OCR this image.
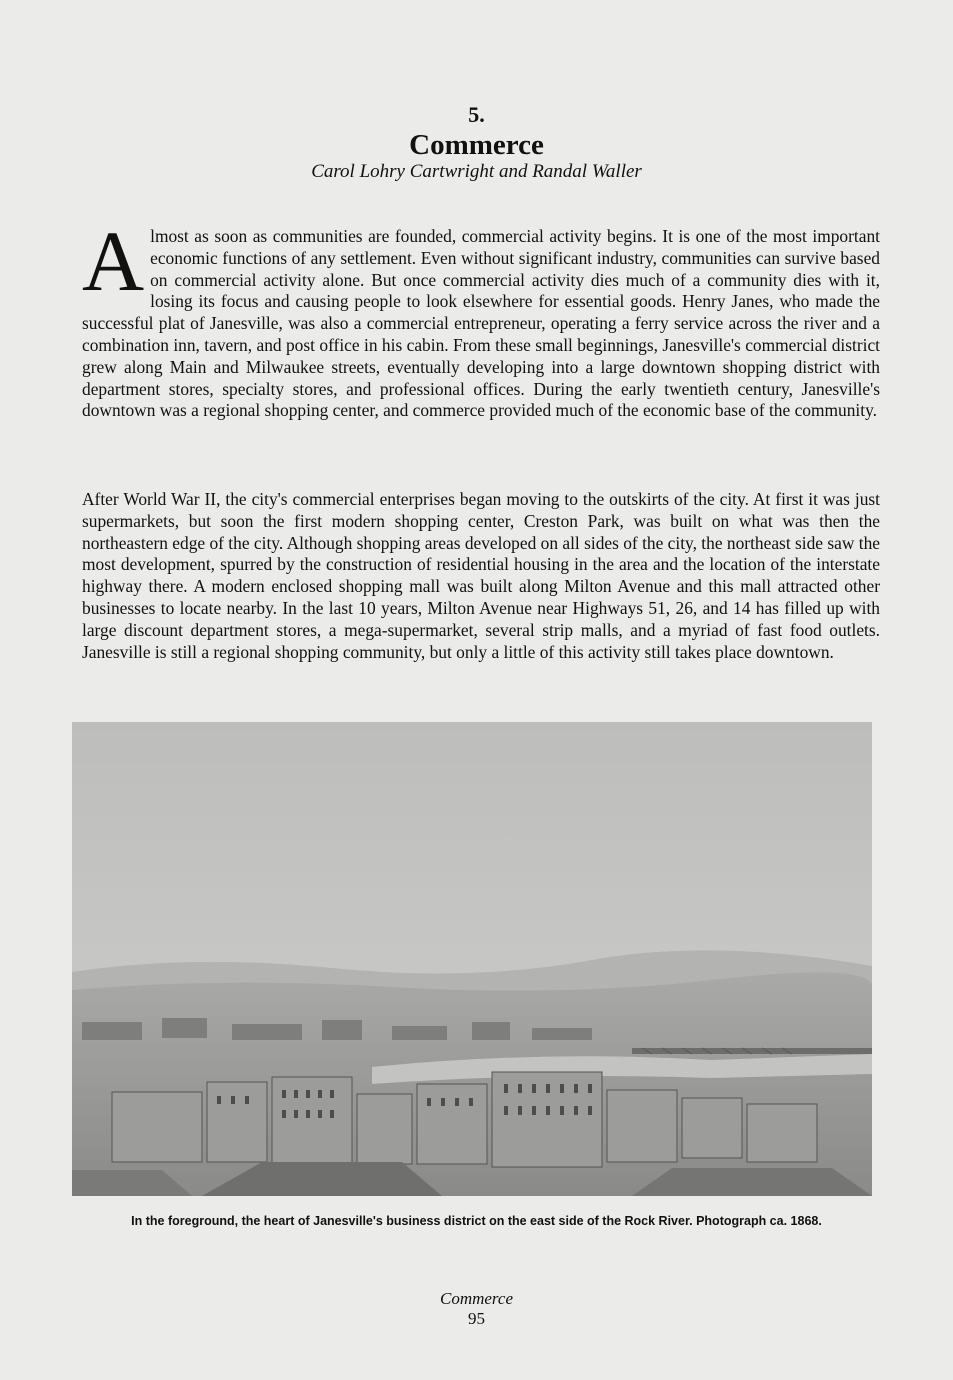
5.
Commerce
Carol Lohry Cartwright and Randal Waller
Almost as soon as communities are founded, commercial activity begins. It is one of the most important economic functions of any settlement. Even without significant industry, communities can survive based on commercial activity alone. But once commercial activity dies much of a community dies with it, losing its focus and causing people to look elsewhere for essential goods. Henry Janes, who made the successful plat of Janesville, was also a commercial entrepreneur, operating a ferry service across the river and a combination inn, tavern, and post office in his cabin. From these small beginnings, Janesville's commercial district grew along Main and Milwaukee streets, eventually developing into a large downtown shopping district with department stores, specialty stores, and professional offices. During the early twentieth century, Janesville's downtown was a regional shopping center, and commerce provided much of the economic base of the community.
After World War II, the city's commercial enterprises began moving to the outskirts of the city. At first it was just supermarkets, but soon the first modern shopping center, Creston Park, was built on what was then the northeastern edge of the city. Although shopping areas developed on all sides of the city, the northeast side saw the most development, spurred by the construction of residential housing in the area and the location of the interstate highway there. A modern enclosed shopping mall was built along Milton Avenue and this mall attracted other businesses to locate nearby. In the last 10 years, Milton Avenue near Highways 51, 26, and 14 has filled up with large discount department stores, a mega-supermarket, several strip malls, and a myriad of fast food outlets. Janesville is still a regional shopping community, but only a little of this activity still takes place downtown.
In the foreground, the heart of Janesville's business district on the east side of the Rock River. Photograph ca. 1868.
Commerce
95
